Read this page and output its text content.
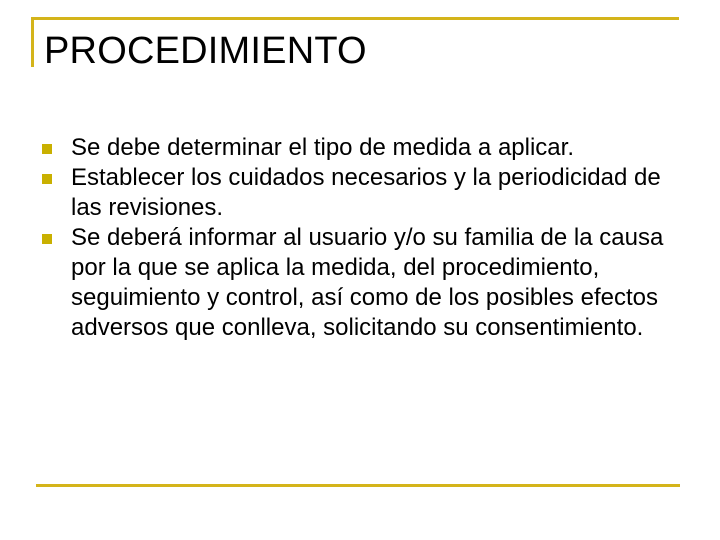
PROCEDIMIENTO
Se debe determinar el tipo de medida a aplicar.
Establecer los cuidados necesarios y la periodicidad de las revisiones.
Se deberá informar al usuario y/o su familia de la causa por la que se aplica la medida, del procedimiento, seguimiento y control, así como de los posibles efectos adversos que conlleva, solicitando su consentimiento.
